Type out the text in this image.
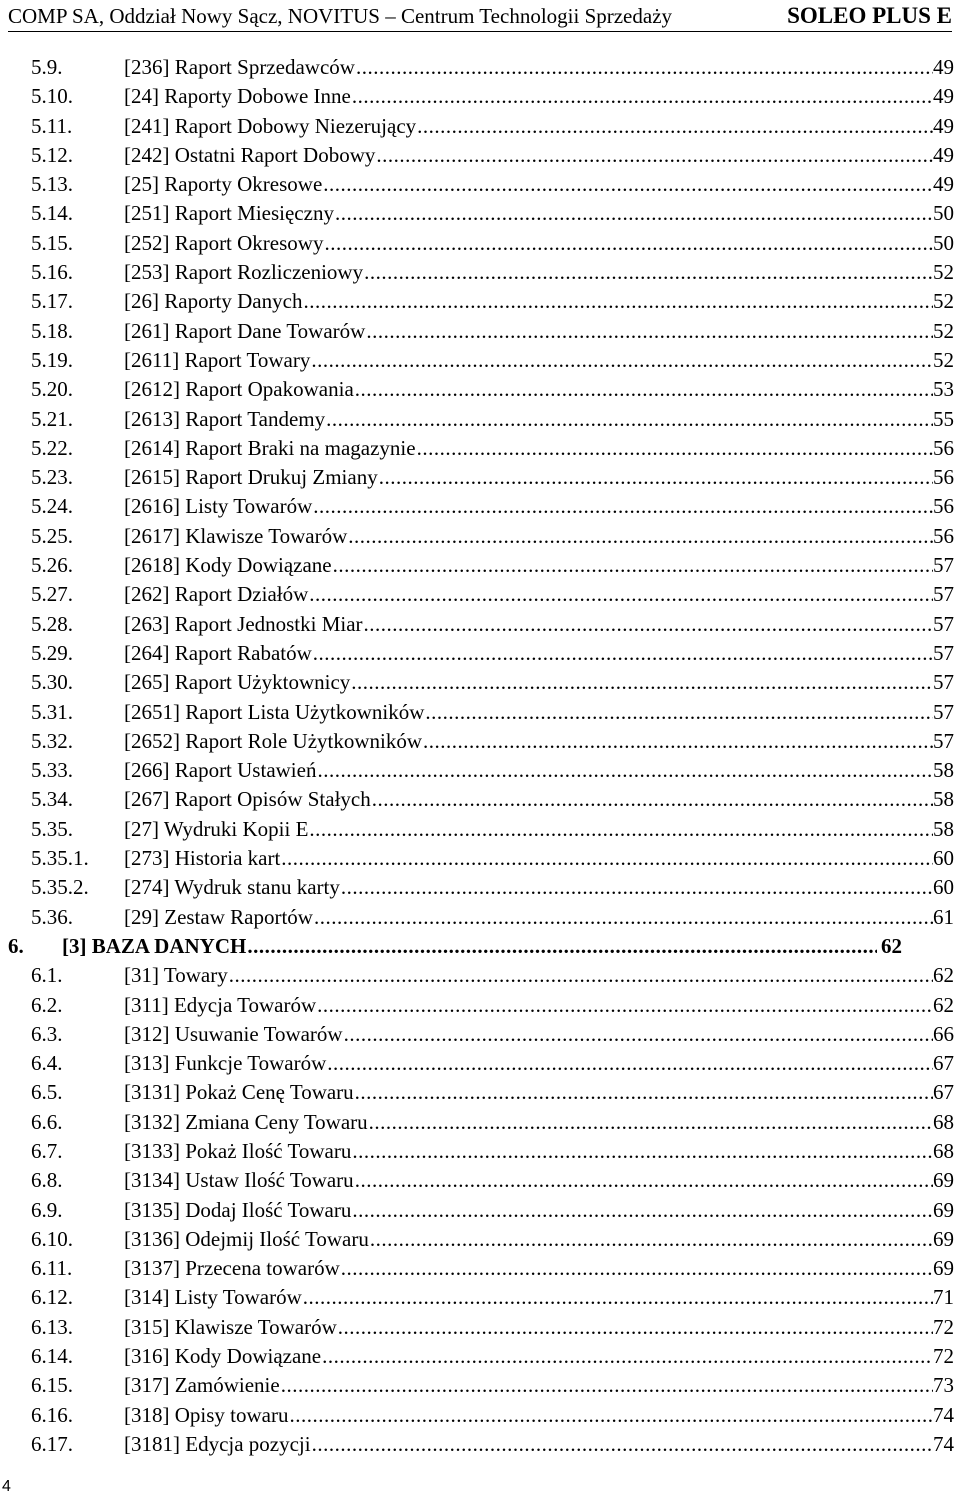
COMP SA, Oddział Nowy Sącz, NOVITUS – Centrum Technologii Sprzedaży	SOLEO PLUS E
5.9.	[236] Raport Sprzedawców .....	49
5.10. [24] Raporty Dobowe Inne .....	49
5.11. [241] Raport Dobowy Niezerujący .....	49
5.12. [242] Ostatni Raport Dobowy .....	49
5.13. [25] Raporty Okresowe .....	49
5.14. [251] Raport Miesięczny .....	50
5.15. [252] Raport Okresowy .....	50
5.16. [253] Raport Rozliczeniowy .....	52
5.17. [26] Raporty Danych .....	52
5.18. [261] Raport Dane Towarów .....	52
5.19. [2611] Raport Towary .....	52
5.20. [2612] Raport Opakowania .....	53
5.21. [2613] Raport Tandemy .....	55
5.22. [2614] Raport Braki na magazynie .....	56
5.23. [2615] Raport Drukuj Zmiany .....	56
5.24. [2616] Listy Towarów .....	56
5.25. [2617] Klawisze Towarów .....	56
5.26. [2618] Kody Dowiązane .....	57
5.27. [262] Raport Działów .....	57
5.28. [263] Raport Jednostki Miar .....	57
5.29. [264] Raport Rabatów .....	57
5.30. [265] Raport Użyktownicy .....	57
5.31. [2651] Raport Lista Użytkowników .....	57
5.32. [2652] Raport Role Użytkowników .....	57
5.33. [266] Raport Ustawień .....	58
5.34. [267] Raport Opisów Stałych .....	58
5.35. [27] Wydruki Kopii E .....	58
5.35.1. [273] Historia kart .....	60
5.35.2. [274] Wydruk stanu karty .....	60
5.36. [29] Zestaw Raportów .....	61
6. [3] BAZA DANYCH .....	62
6.1.	[31] Towary .....	62
6.2.	[311] Edycja Towarów .....	62
6.3.	[312] Usuwanie Towarów .....	66
6.4.	[313] Funkcje Towarów .....	67
6.5.	[3131] Pokaż Cenę Towaru .....	67
6.6.	[3132] Zmiana Ceny Towaru .....	68
6.7.	[3133] Pokaż Ilość Towaru .....	68
6.8.	[3134] Ustaw Ilość Towaru .....	69
6.9.	[3135] Dodaj Ilość Towaru .....	69
6.10. [3136] Odejmij Ilość Towaru .....	69
6.11. [3137] Przecena towarów .....	69
6.12. [314] Listy Towarów .....	71
6.13. [315] Klawisze Towarów .....	72
6.14. [316] Kody Dowiązane .....	72
6.15. [317] Zamówienie .....	73
6.16. [318] Opisy towaru .....	74
6.17. [3181] Edycja pozycji .....	74
4
